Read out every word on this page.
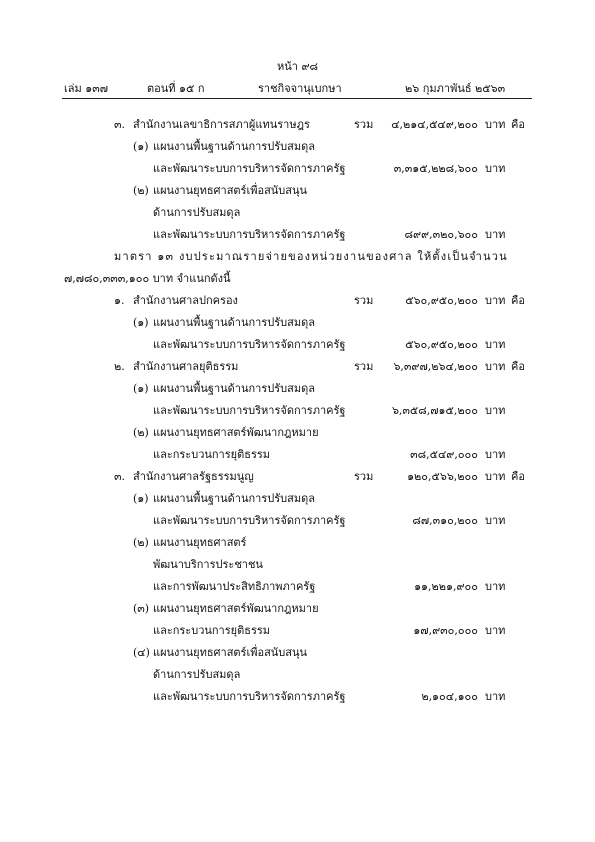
หน้า ๙๘
เล่ม ๑๓๗	ตอนที่ ๑๕ ก	ราชกิจจานุเบกษา	๒๖ กุมภาพันธ์ ๒๕๖๓
๓. สำนักงานเลขาธิการสภาผู้แทนราษฎร	รวม	๔,๒๑๔,๕๔๙,๒๐๐ บาท คือ
(๑) แผนงานพื้นฐานด้านการปรับสมดุล
และพัฒนาระบบการบริหารจัดการภาครัฐ	๓,๓๑๕,๒๒๘,๖๐๐ บาท
(๒) แผนงานยุทธศาสตร์เพื่อสนับสนุน
ด้านการปรับสมดุล
และพัฒนาระบบการบริหารจัดการภาครัฐ	๘๙๙,๓๒๐,๖๐๐ บาท
มาตรา ๑๓ งบประมาณรายจ่ายของหน่วยงานของศาล ให้ตั้งเป็นจำนวน
๗,๗๘๐,๓๓๓,๑๐๐ บาท จำแนกดังนี้
๑. สำนักงานศาลปกครอง	รวม	๕๖๐,๙๕๐,๒๐๐ บาท คือ
(๑) แผนงานพื้นฐานด้านการปรับสมดุล
และพัฒนาระบบการบริหารจัดการภาครัฐ	๕๖๐,๙๕๐,๒๐๐ บาท
๒. สำนักงานศาลยุติธรรม	รวม	๖,๓๙๗,๒๖๔,๒๐๐ บาท คือ
(๑) แผนงานพื้นฐานด้านการปรับสมดุล
และพัฒนาระบบการบริหารจัดการภาครัฐ	๖,๓๕๘,๗๑๕,๒๐๐ บาท
(๒) แผนงานยุทธศาสตร์พัฒนากฎหมาย
และกระบวนการยุติธรรม	๓๘,๕๔๙,๐๐๐ บาท
๓. สำนักงานศาลรัฐธรรมนูญ	รวม	๑๒๐,๕๖๖,๒๐๐ บาท คือ
(๑) แผนงานพื้นฐานด้านการปรับสมดุล
และพัฒนาระบบการบริหารจัดการภาครัฐ	๘๗,๓๑๐,๒๐๐ บาท
(๒) แผนงานยุทธศาสตร์
พัฒนาบริการประชาชน
และการพัฒนาประสิทธิภาพภาครัฐ	๑๑,๒๒๑,๙๐๐ บาท
(๓) แผนงานยุทธศาสตร์พัฒนากฎหมาย
และกระบวนการยุติธรรม	๑๗,๙๓๐,๐๐๐ บาท
(๔) แผนงานยุทธศาสตร์เพื่อสนับสนุน
ด้านการปรับสมดุล
และพัฒนาระบบการบริหารจัดการภาครัฐ	๒,๑๐๔,๑๐๐ บาท
